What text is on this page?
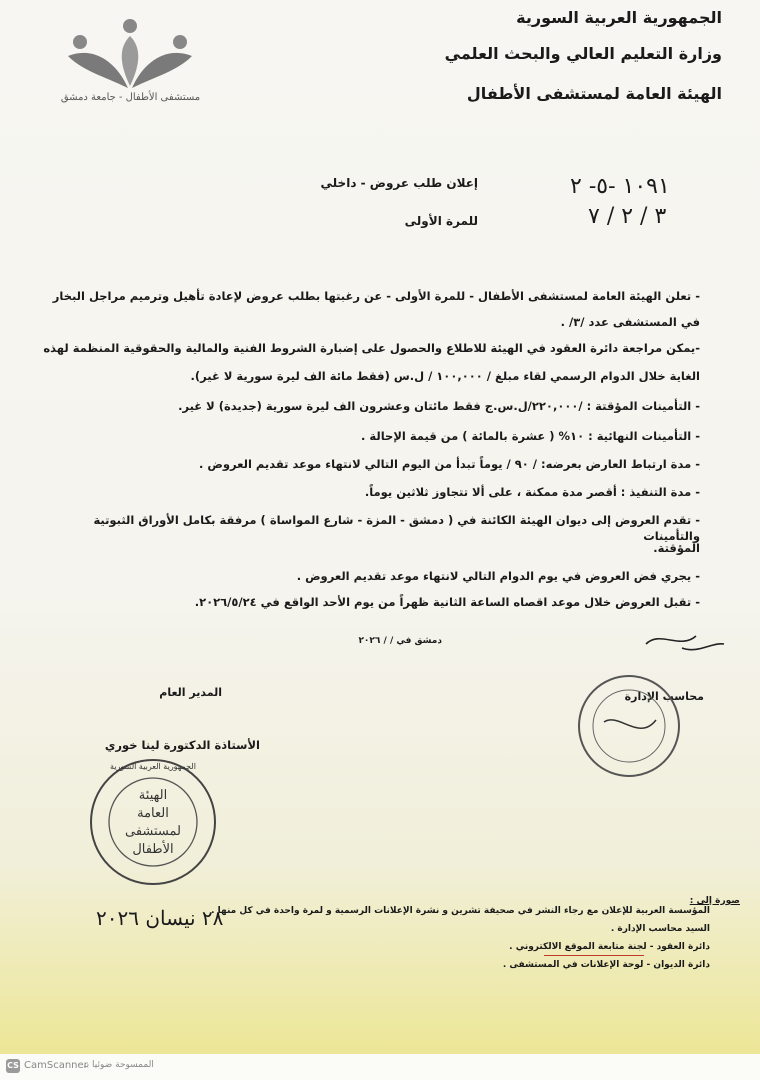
مستشفى الأطفال - جامعة دمشق
الجمهورية العربية السورية
وزارة التعليم العالي والبحث العلمي
الهيئة العامة لمستشفى الأطفال
إعلان طلب عروض - داخلي
للمرة الأولى
١٠٩١ -٥- ٢
٣ / ٢ / ٧
- تعلن الهيئة العامة لمستشفى الأطفال - للمرة الأولى - عن رغبتها بطلب عروض لإعادة تأهيل وترميم مراجل البخار
في المستشفى عدد /٣/ .
-يمكن مراجعة دائرة العقود في الهيئة للاطلاع والحصول على إضبارة الشروط الفنية والمالية والحقوقية المنظمة لهذه
الغاية خلال الدوام الرسمي لقاء مبلغ / ١٠٠,٠٠٠ / ل.س (فقط مائة الف ليرة سورية لا غير).
- التأمينات المؤقتة : /٢٢٠,٠٠٠/ل.س.ج فقط مائتان وعشرون الف ليرة سورية (جديدة) لا غير.
- التأمينات النهائية : ١٠% ( عشرة بالمائة ) من قيمة الإحالة .
- مدة ارتباط العارض بعرضه: / ٩٠ / يوماً تبدأ من اليوم التالي لانتهاء موعد تقديم العروض .
- مدة التنفيذ : أقصر مدة ممكنة ، على ألا تتجاوز ثلاثين يوماً.
- تقدم العروض إلى ديوان الهيئة الكائنة في ( دمشق - المزة - شارع المواساة ) مرفقة بكامل الأوراق الثبوتية والتأمينات
المؤقتة.
- يجري فض العروض في يوم الدوام التالي لانتهاء موعد تقديم العروض .
- تقبل العروض خلال موعد اقصاه الساعة الثانية ظهراً من يوم الأحد الواقع في ٢٠٢٦/٥/٢٤.
دمشق في / / ٢٠٢٦
محاسب الإدارة
المدير العام
الأستاذة الدكتورة لينا خوري
الجمهورية العربية السورية
الهيئة
العامة
لمستشفى
الأطفال
٢٨ نيسان ٢٠٢٦
صورة إلى :
المؤسسة العربية للإعلان مع رجاء النشر في صحيفة تشرين و نشرة الإعلانات الرسمية و لمرة واحدة في كل منها .
السيد محاسب الإدارة .
دائرة العقود - لجنة متابعة الموقع الالكتروني .
دائرة الديوان - لوحة الإعلانات في المستشفى .
CS CamScanner
الممسوحة ضوئيا بـ
